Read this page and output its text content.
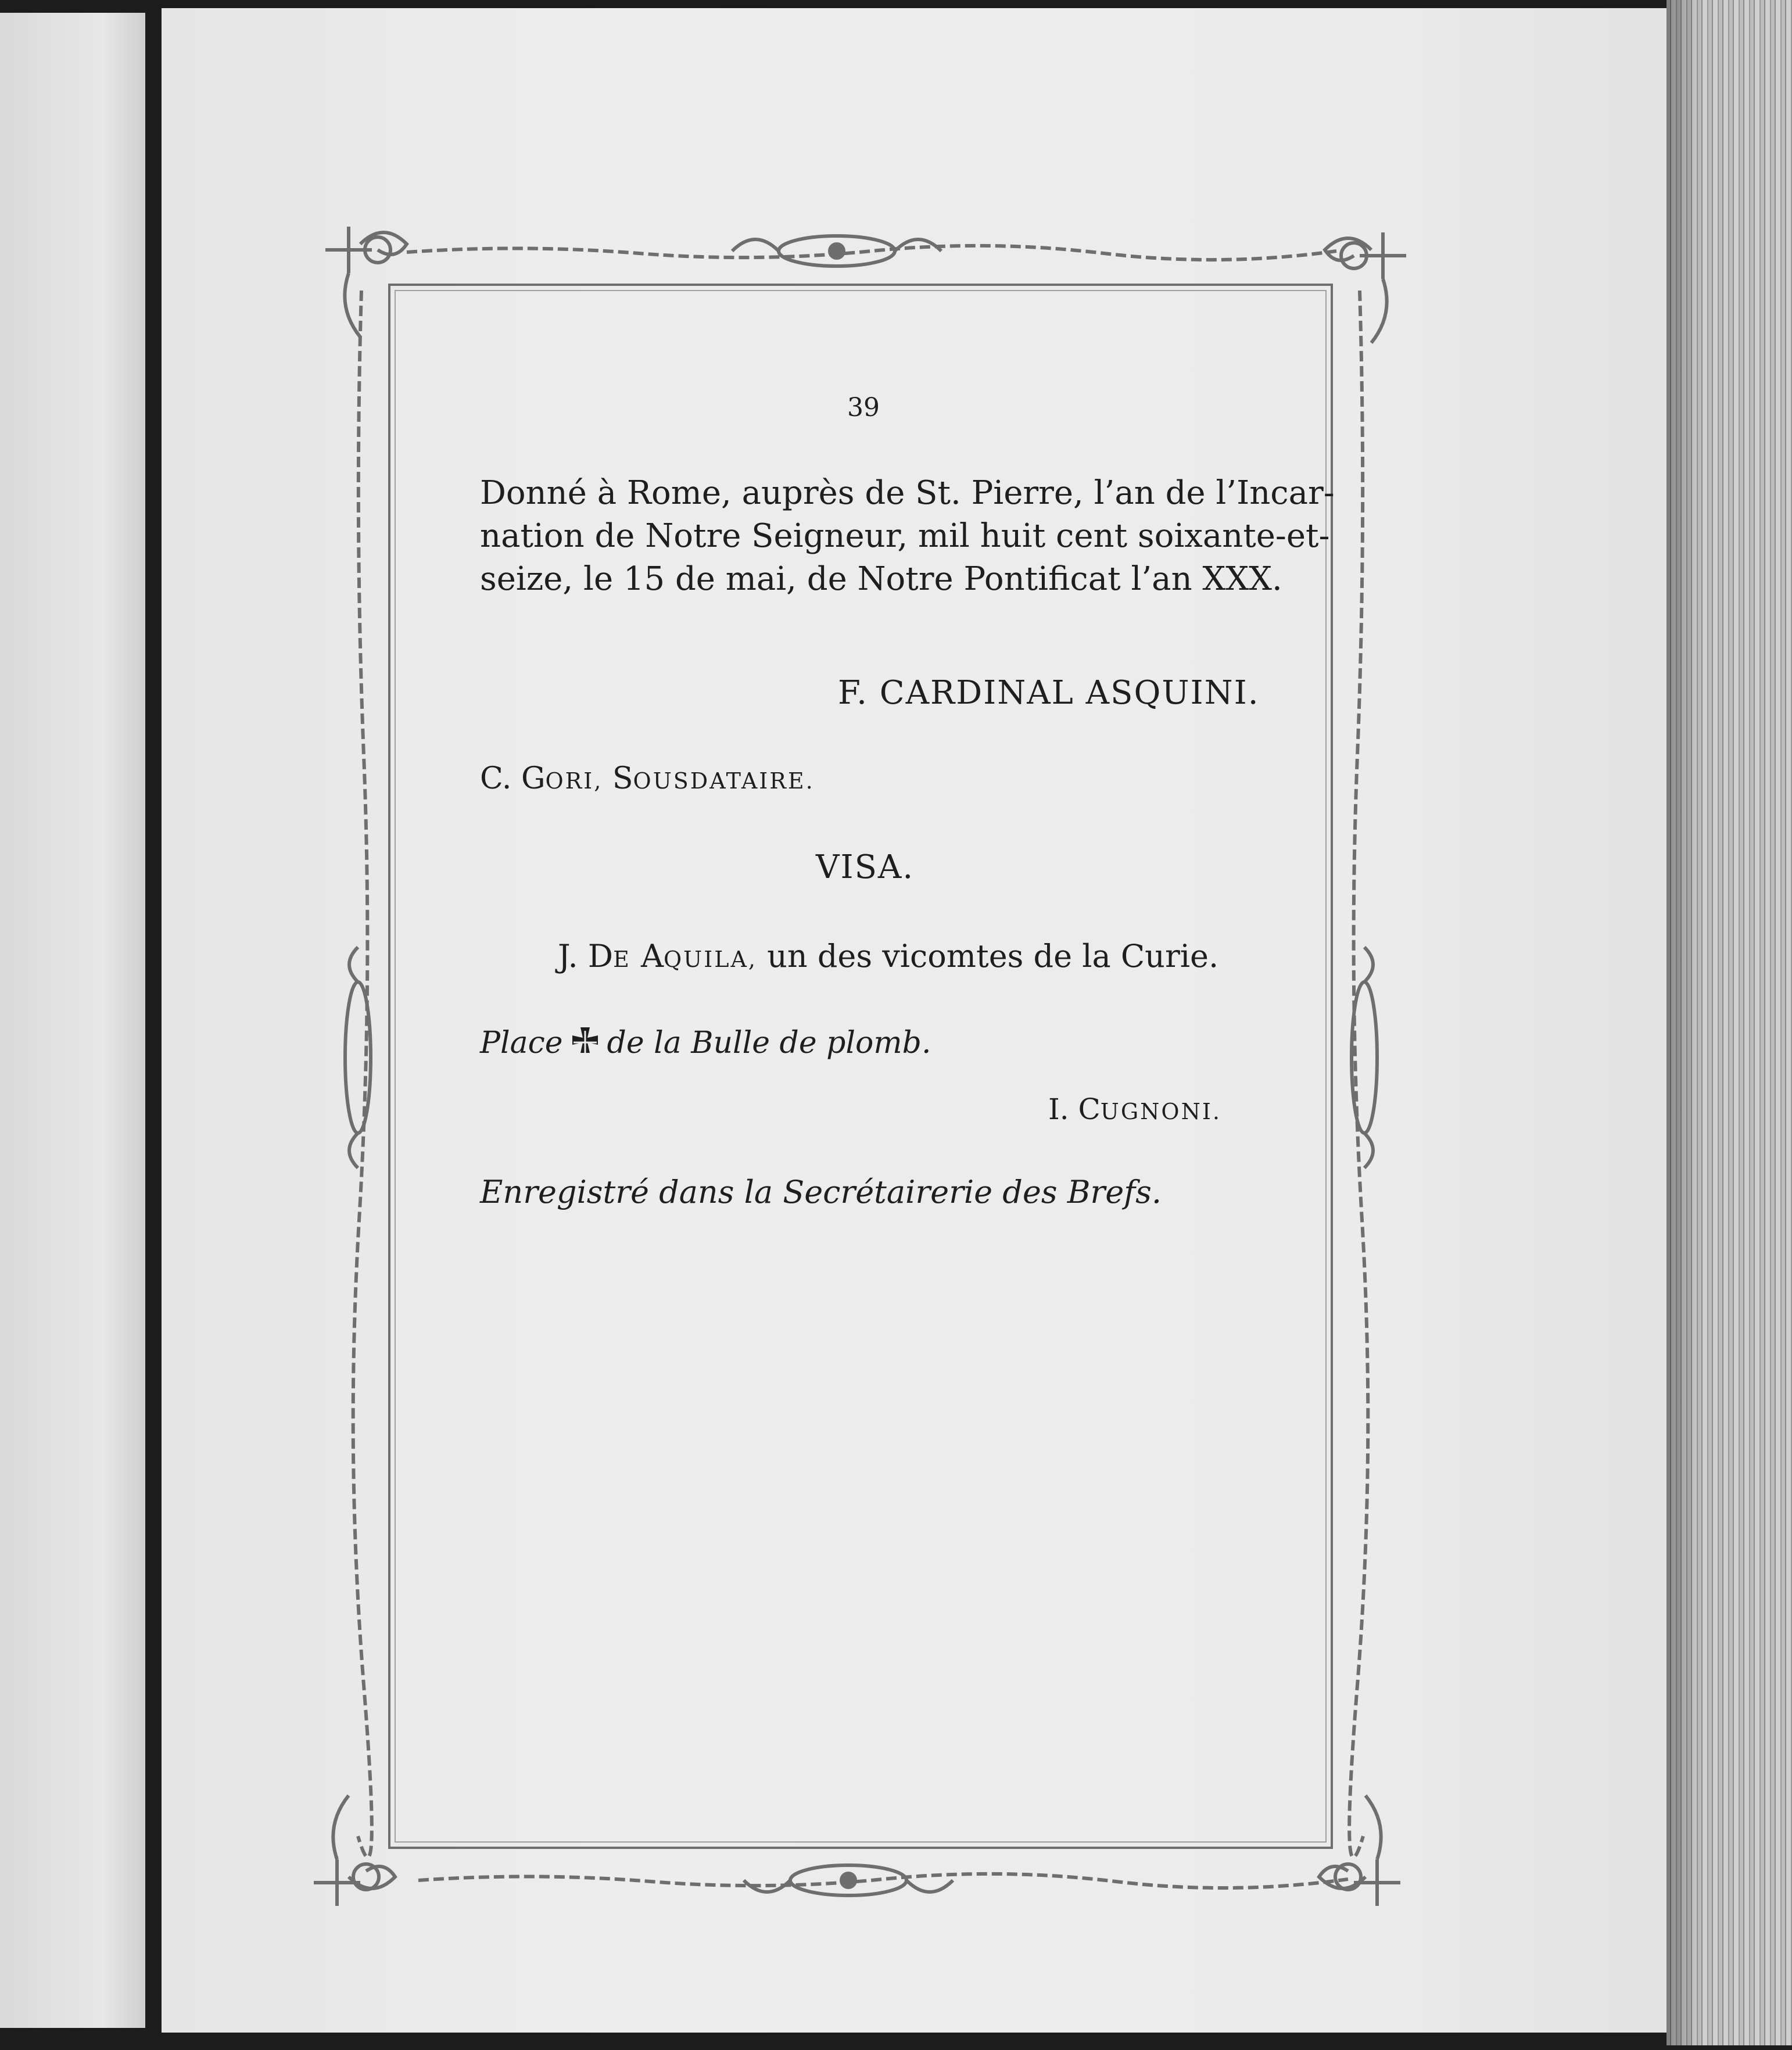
39
Donné à Rome, auprès de St. Pierre, l’an de l’Incar-
nation de Notre Seigneur, mil huit cent soixante-et-
seize, le 15 de mai, de Notre Pontificat l’an XXX.
F. CARDINAL ASQUINI.
C. GORI, SOUSDATAIRE.
VISA.
J. DE AQUILA, un des vicomtes de la Curie.
Place de la Bulle de plomb.
I. CUGNONI.
Enregistré dans la Secrétairerie des Brefs.
